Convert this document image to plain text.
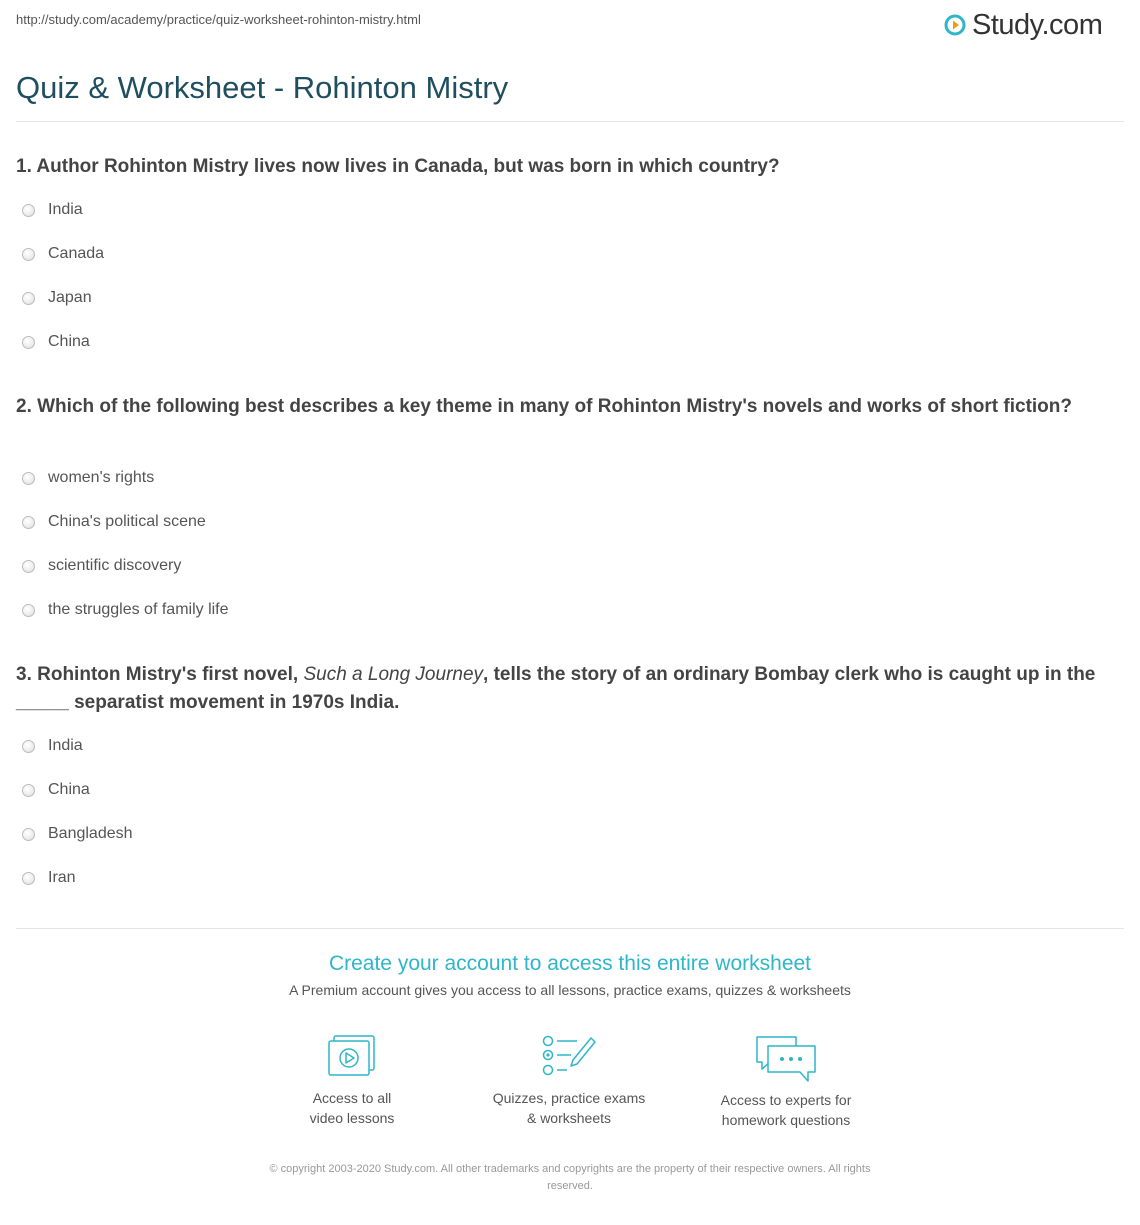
http://study.com/academy/practice/quiz-worksheet-rohinton-mistry.html	Study.com
Quiz & Worksheet - Rohinton Mistry

1. Author Rohinton Mistry lives now lives in Canada, but was born in which country?

India
Canada
Japan
China

2. Which of the following best describes a key theme in many of Rohinton Mistry's novels and works of short fiction?

women's rights
China's political scene
scientific discovery
the struggles of family life

3. Rohinton Mistry's first novel, Such a Long Journey, tells the story of an ordinary Bombay clerk who is caught up in the _____ separatist movement in 1970s India.

India
China
Bangladesh
Iran
Create your account to access this entire worksheet
A Premium account gives you access to all lessons, practice exams, quizzes & worksheets
Access to all
video lessons
Quizzes, practice exams
& worksheets
Access to experts for
homework questions
© copyright 2003-2020 Study.com. All other trademarks and copyrights are the property of their respective owners. All rights
reserved.
